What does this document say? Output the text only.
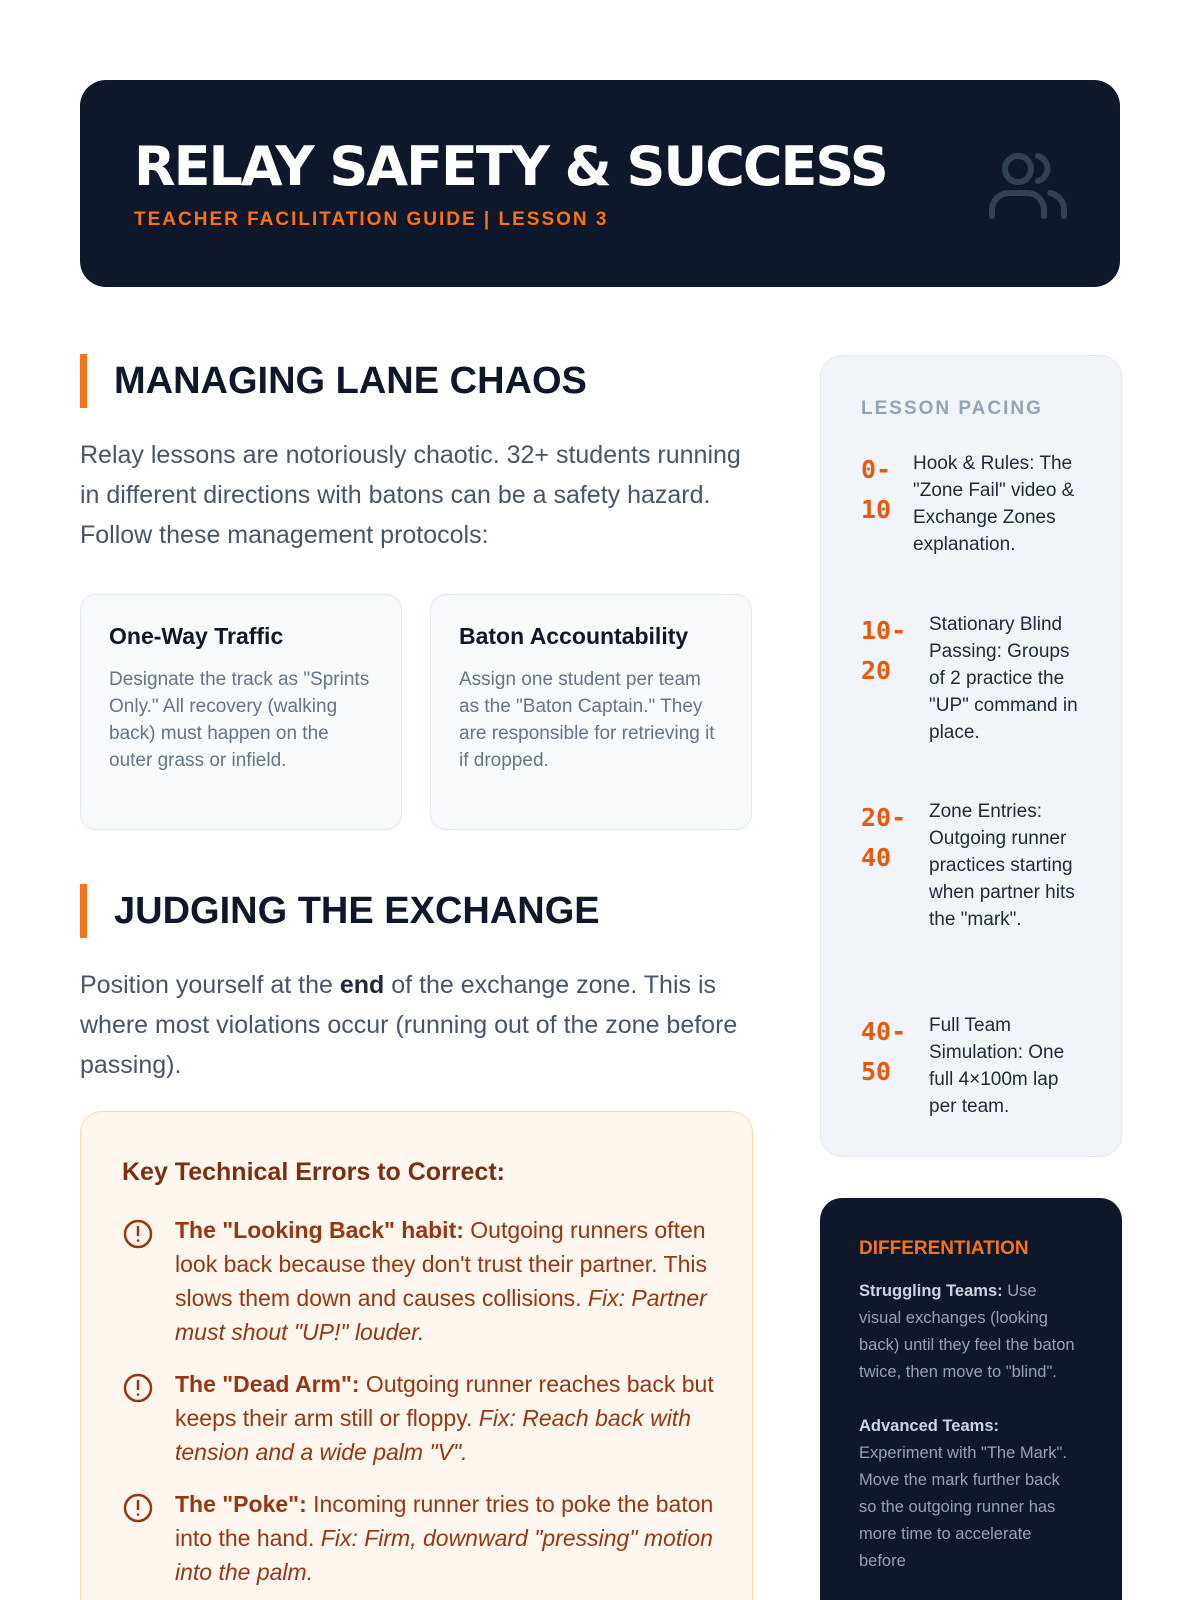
RELAY SAFETY & SUCCESS
TEACHER FACILITATION GUIDE | LESSON 3
MANAGING LANE CHAOS

Relay lessons are notoriously chaotic. 32+ students running in different directions with batons can be a safety hazard. Follow these management protocols:

One-Way Traffic
Designate the track as "Sprints Only." All recovery (walking back) must happen on the outer grass or infield.
Baton Accountability
Assign one student per team as the "Baton Captain." They are responsible for retrieving it if dropped.
JUDGING THE EXCHANGE

Position yourself at the end of the exchange zone. This is where most violations occur (running out of the zone before passing).

Key Technical Errors to Correct:
The "Looking Back" habit: Outgoing runners often look back because they don't trust their partner. This slows them down and causes collisions. Fix: Partner must shout "UP!" louder.
The "Dead Arm": Outgoing runner reaches back but keeps their arm still or floppy. Fix: Reach back with tension and a wide palm "V".
The "Poke": Incoming runner tries to poke the baton into the hand. Fix: Firm, downward "pressing" motion into the palm.
LESSON PACING
0-
10
Hook & Rules: The "Zone Fail" video & Exchange Zones explanation.
10-
20
Stationary Blind Passing: Groups of 2 practice the "UP" command in place.
20-
40
Zone Entries: Outgoing runner practices starting when partner hits the "mark".
40-
50
Full Team Simulation: One full 4×100m lap per team.
DIFFERENTIATION

Struggling Teams: Use visual exchanges (looking back) until they feel the baton twice, then move to "blind".

Advanced Teams: Experiment with "The Mark". Move the mark further back so the outgoing runner has more time to accelerate before
